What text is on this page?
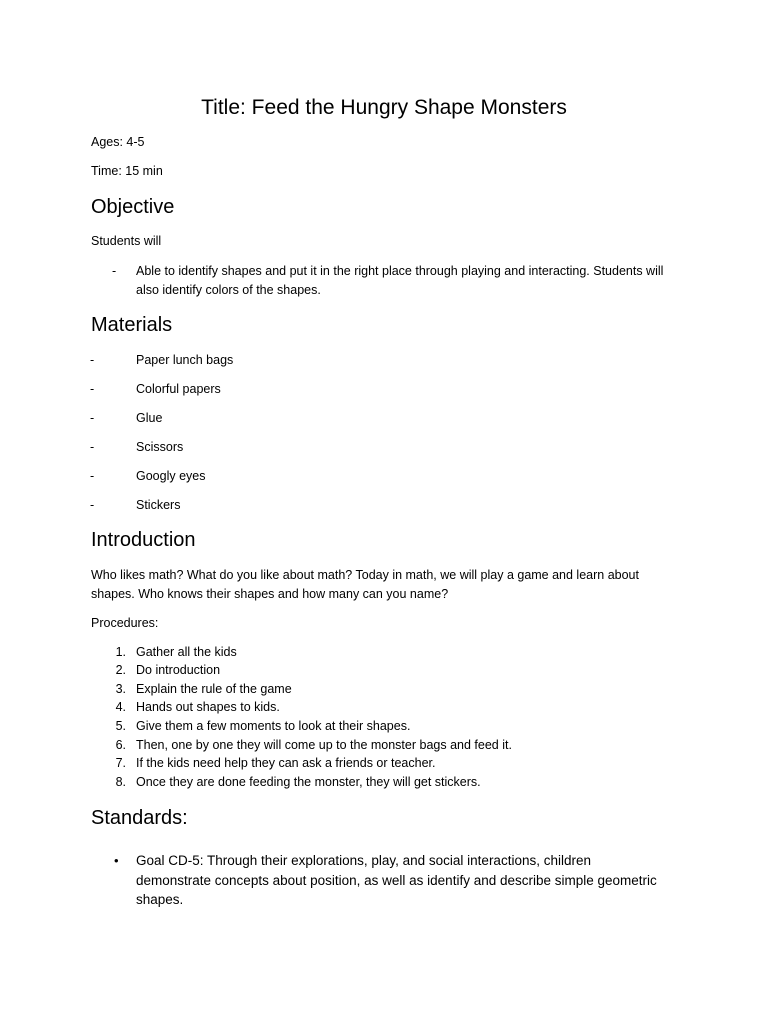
Title: Feed the Hungry Shape Monsters
Ages: 4-5
Time: 15 min
Objective
Students will
- Able to identify shapes and put it in the right place through playing and interacting. Students will
also identify colors of the shapes.
Materials
-	Paper lunch bags
-	Colorful papers
-	Glue
-	Scissors
-	Googly eyes
-	Stickers
Introduction
Who likes math? What do you like about math? Today in math, we will play a game and learn about
shapes. Who knows their shapes and how many can you name?
Procedures:
1. Gather all the kids
2. Do introduction
3. Explain the rule of the game
4. Hands out shapes to kids.
5. Give them a few moments to look at their shapes.
6. Then, one by one they will come up to the monster bags and feed it.
7. If the kids need help they can ask a friends or teacher.
8. Once they are done feeding the monster, they will get stickers.
Standards:
• Goal CD-5: Through their explorations, play, and social interactions, children
demonstrate concepts about position, as well as identify and describe simple geometric
shapes.
